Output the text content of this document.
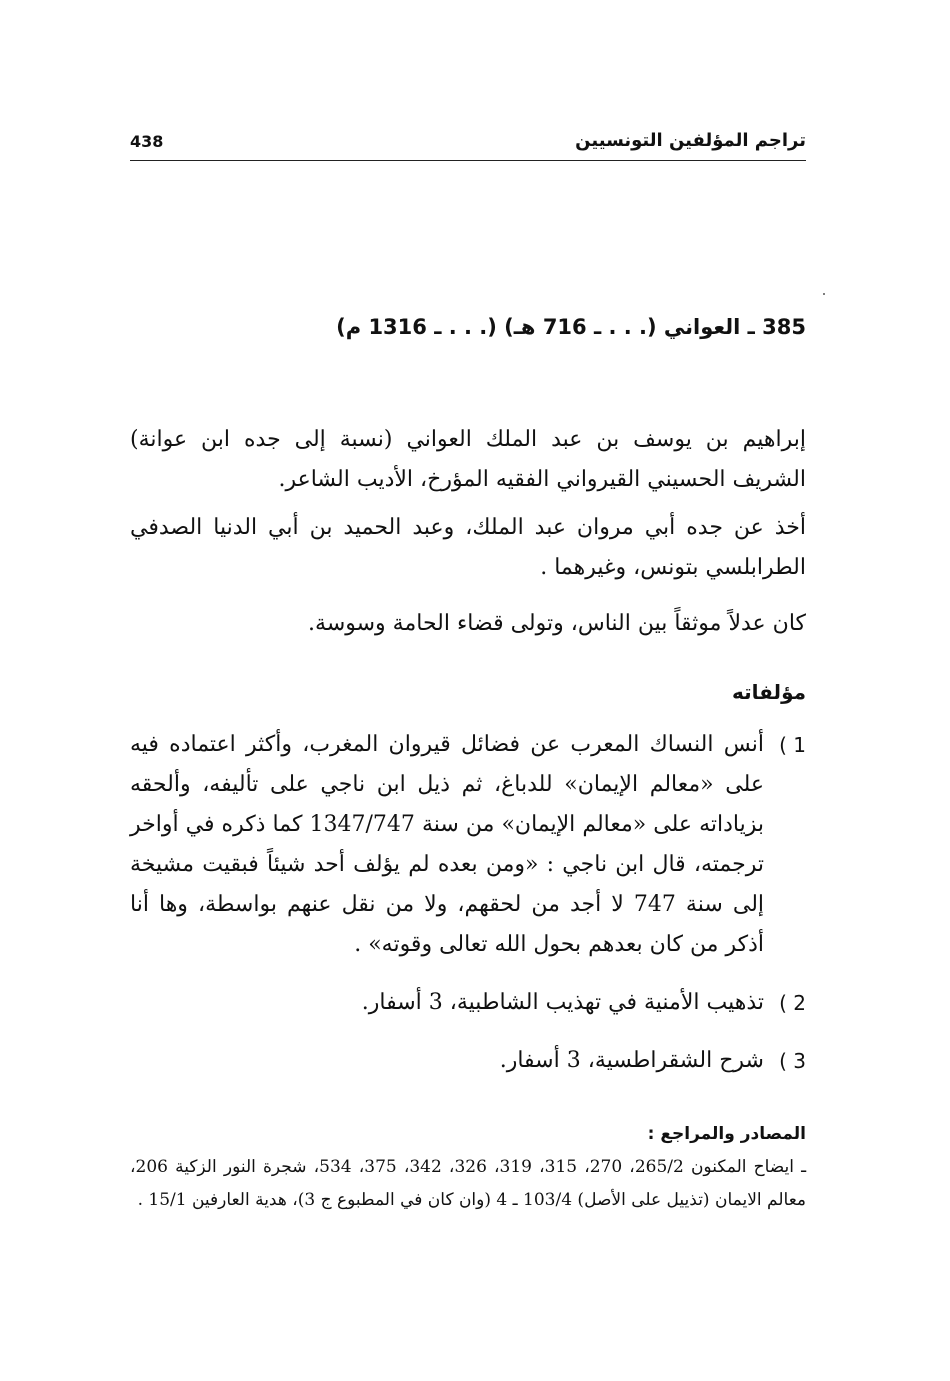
438	تراجم المؤلفين التونسيين
385 ـ العواني (. . . ـ 716 هـ) (. . . ـ 1316 م)

إبراهيم بن يوسف بن عبد الملك العواني (نسبة إلى جده ابن عوانة) الشريف الحسيني القيرواني الفقيه المؤرخ، الأديب الشاعر.

أخذ عن جده أبي مروان عبد الملك، وعبد الحميد بن أبي الدنيا الصدفي الطرابلسي بتونس، وغيرهما .

كان عدلاً موثقاً بين الناس، وتولى قضاء الحامة وسوسة.

مؤلفاته
1 )
أنس النساك المعرب عن فضائل قيروان المغرب، وأكثر اعتماده فيه على «معالم الإيمان» للدباغ، ثم ذيل ابن ناجي على تأليفه، وألحقه بزياداته على «معالم الإيمان» من سنة 1347/747 كما ذكره في أواخر ترجمته، قال ابن ناجي : «ومن بعده لم يؤلف أحد شيئاً فبقيت مشيخة إلى سنة 747 لا أجد من لحقهم، ولا من نقل عنهم بواسطة، وها أنا أذكر من كان بعدهم بحول الله تعالى وقوته» .
2 )
تذهيب الأمنية في تهذيب الشاطبية، 3 أسفار.
3 )
شرح الشقراطسية، 3 أسفار.
المصادر والمراجع :
ـ ايضاح المكنون 265/2، 270، 315، 319، 326، 342، 375، 534، شجرة النور الزكية 206، معالم الايمان (تذييل على الأصل) 103/4 ـ 4 (وان كان في المطبوع ج 3)، هدية العارفين 15/1 .
